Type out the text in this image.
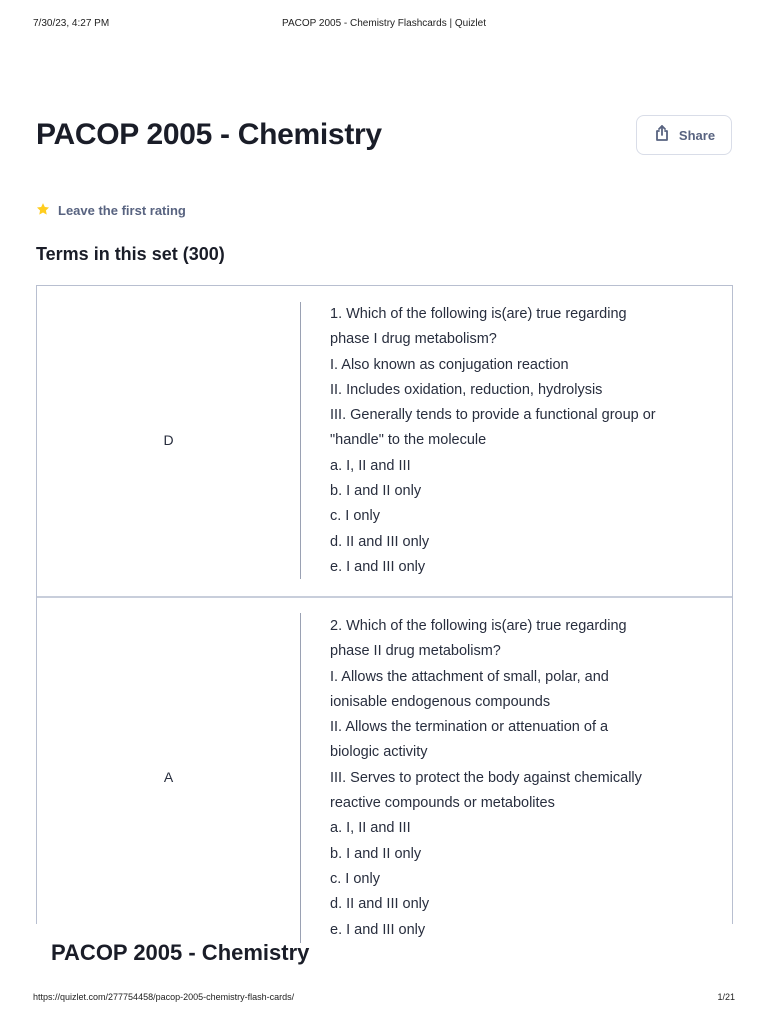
7/30/23, 4:27 PM	PACOP 2005 - Chemistry Flashcards | Quizlet
PACOP 2005 - Chemistry	Share
Leave the first rating
Terms in this set (300)
D
1. Which of the following is(are) true regarding
phase I drug metabolism?
I. Also known as conjugation reaction
II. Includes oxidation, reduction, hydrolysis
III. Generally tends to provide a functional group or
"handle" to the molecule
a. I, II and III
b. I and II only
c. I only
d. II and III only
e. I and III only
A
2. Which of the following is(are) true regarding
phase II drug metabolism?
I. Allows the attachment of small, polar, and
ionisable endogenous compounds
II. Allows the termination or attenuation of a
biologic activity
III. Serves to protect the body against chemically
reactive compounds or metabolites
a. I, II and III
b. I and II only
c. I only
d. II and III only
e. I and III only
PACOP 2005 - Chemistry
https://quizlet.com/277754458/pacop-2005-chemistry-flash-cards/	1/21
